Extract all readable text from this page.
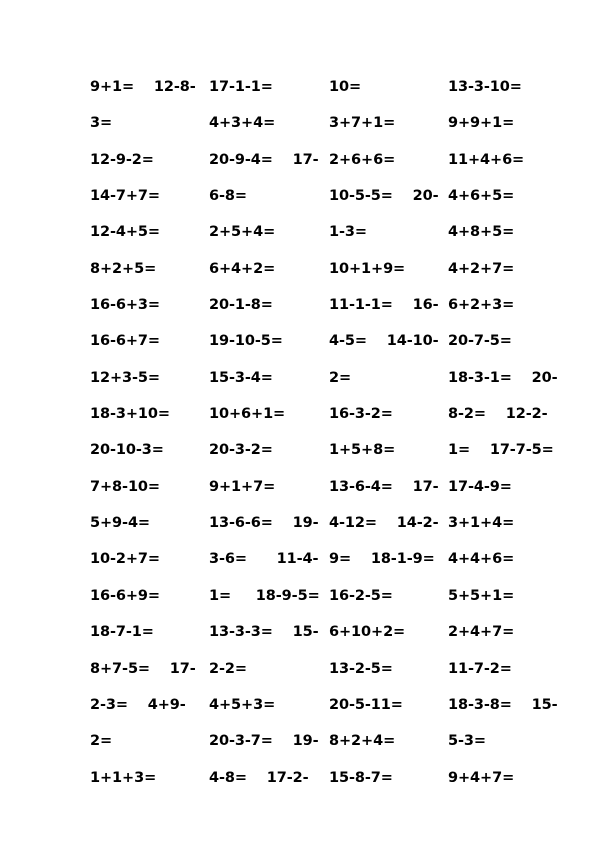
9+1=    12-8-
3=
12-9-2=
14-7+7=
12-4+5=
8+2+5=
16-6+3=
16-6+7=
12+3-5=
18-3+10=
20-10-3=
7+8-10=
5+9-4=
10-2+7=
16-6+9=
18-7-1=
8+7-5=    17-
2-3=    4+9-
2=
1+1+3=
17-1-1=
4+3+4=
20-9-4=    17-
6-8=
2+5+4=
6+4+2=
20-1-8=
19-10-5=
15-3-4=
10+6+1=
20-3-2=
9+1+7=
13-6-6=    19-
3-6=      11-4-
1=     18-9-5=
13-3-3=    15-
2-2=
4+5+3=
20-3-7=    19-
4-8=    17-2-
10=
3+7+1=
2+6+6=
10-5-5=    20-
1-3=
10+1+9=
11-1-1=    16-
4-5=    14-10-
2=
16-3-2=
1+5+8=
13-6-4=    17-
4-12=    14-2-
9=    18-1-9=
16-2-5=
6+10+2=
13-2-5=
20-5-11=
8+2+4=
15-8-7=
13-3-10=
9+9+1=
11+4+6=
4+6+5=
4+8+5=
4+2+7=
6+2+3=
20-7-5=
18-3-1=    20-
8-2=    12-2-
1=    17-7-5=
17-4-9=
3+1+4=
4+4+6=
5+5+1=
2+4+7=
11-7-2=
18-3-8=    15-
5-3=
9+4+7=
